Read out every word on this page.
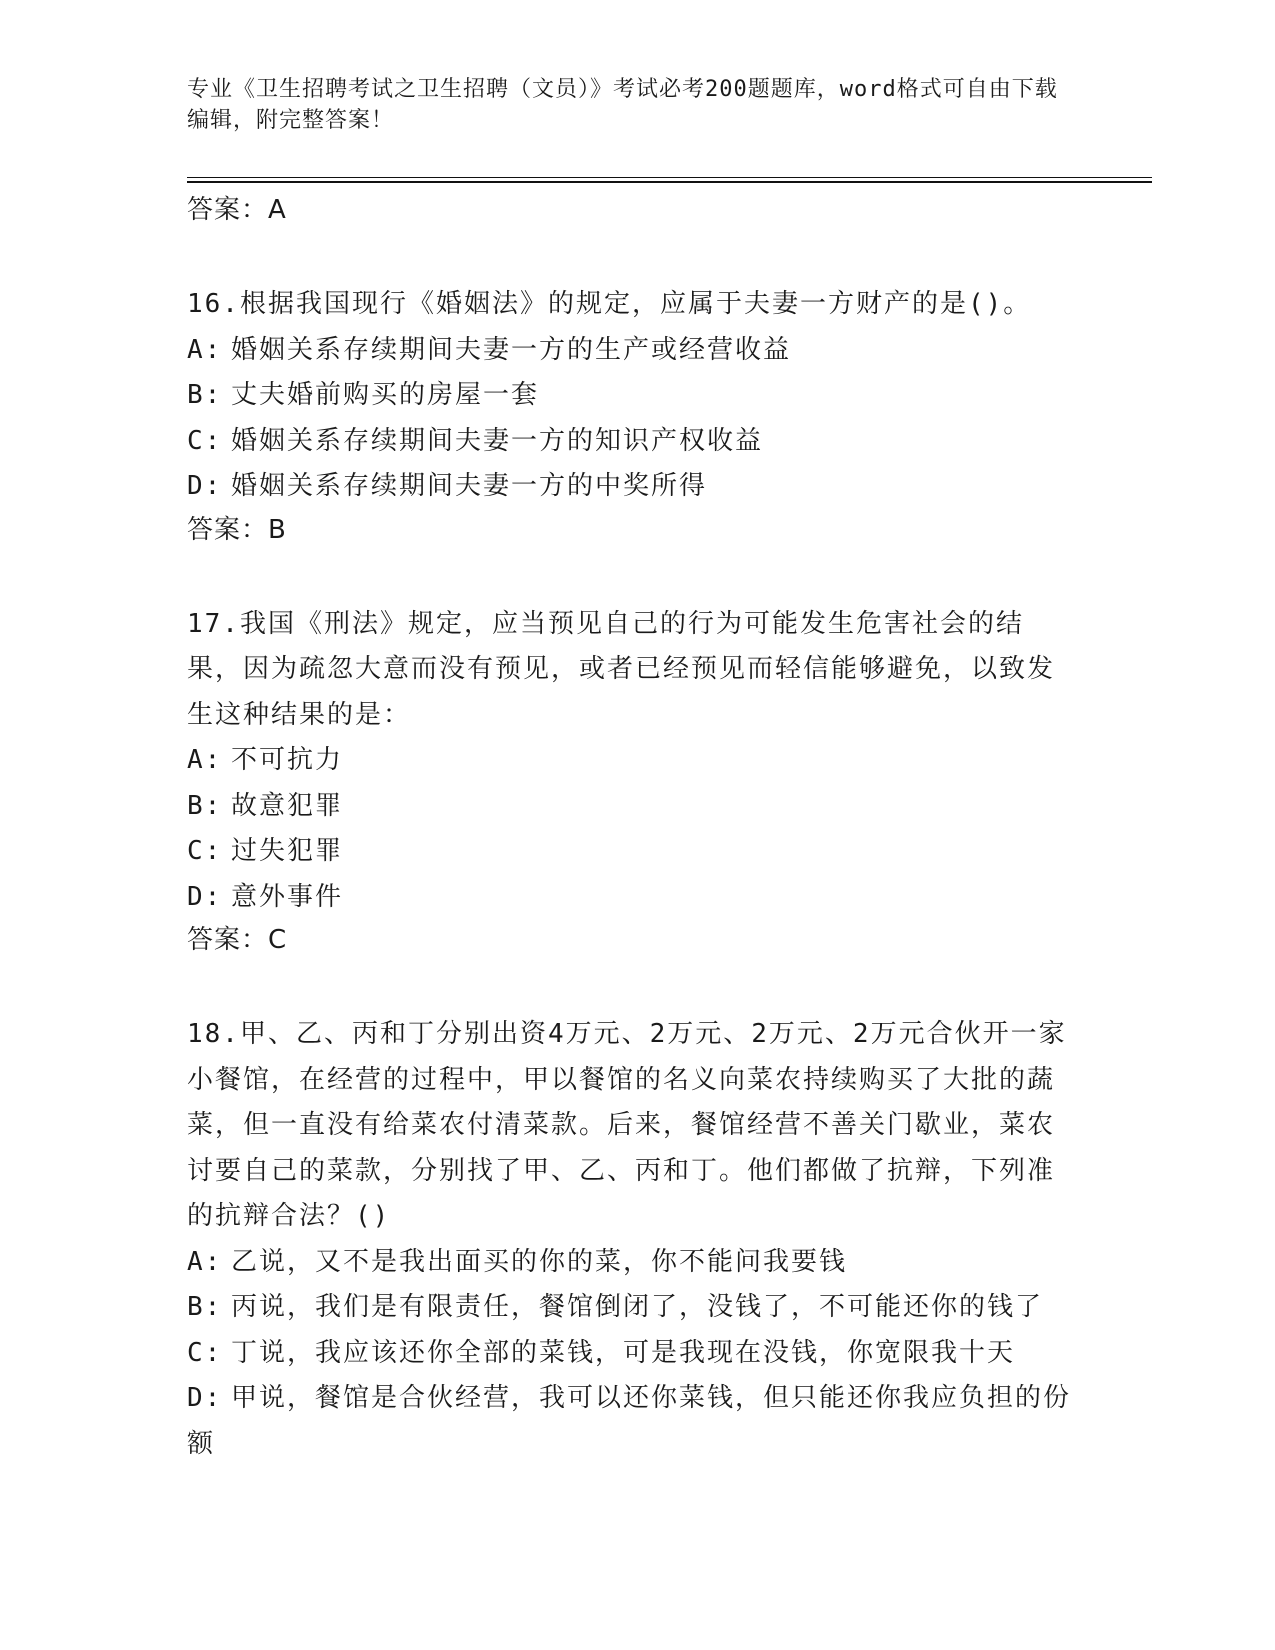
专业《卫生招聘考试之卫生招聘（文员）》考试必考200题题库，word格式可自由下载编辑，附完整答案！

答案：A

16.根据我国现行《婚姻法》的规定，应属于夫妻一方财产的是()。

A: 婚姻关系存续期间夫妻一方的生产或经营收益

B: 丈夫婚前购买的房屋一套

C: 婚姻关系存续期间夫妻一方的知识产权收益

D: 婚姻关系存续期间夫妻一方的中奖所得

答案：B

17.我国《刑法》规定，应当预见自己的行为可能发生危害社会的结果，因为疏忽大意而没有预见，或者已经预见而轻信能够避免，以致发生这种结果的是：

A: 不可抗力

B: 故意犯罪

C: 过失犯罪

D: 意外事件

答案：C

18.甲、乙、丙和丁分别出资4万元、2万元、2万元、2万元合伙开一家小餐馆，在经营的过程中，甲以餐馆的名义向菜农持续购买了大批的蔬菜，但一直没有给菜农付清菜款。后来，餐馆经营不善关门歇业，菜农讨要自己的菜款，分别找了甲、乙、丙和丁。他们都做了抗辩，下列准的抗辩合法？()

A: 乙说，又不是我出面买的你的菜，你不能问我要钱

B: 丙说，我们是有限责任，餐馆倒闭了，没钱了，不可能还你的钱了

C: 丁说，我应该还你全部的菜钱，可是我现在没钱，你宽限我十天

D: 甲说，餐馆是合伙经营，我可以还你菜钱，但只能还你我应负担的份额
